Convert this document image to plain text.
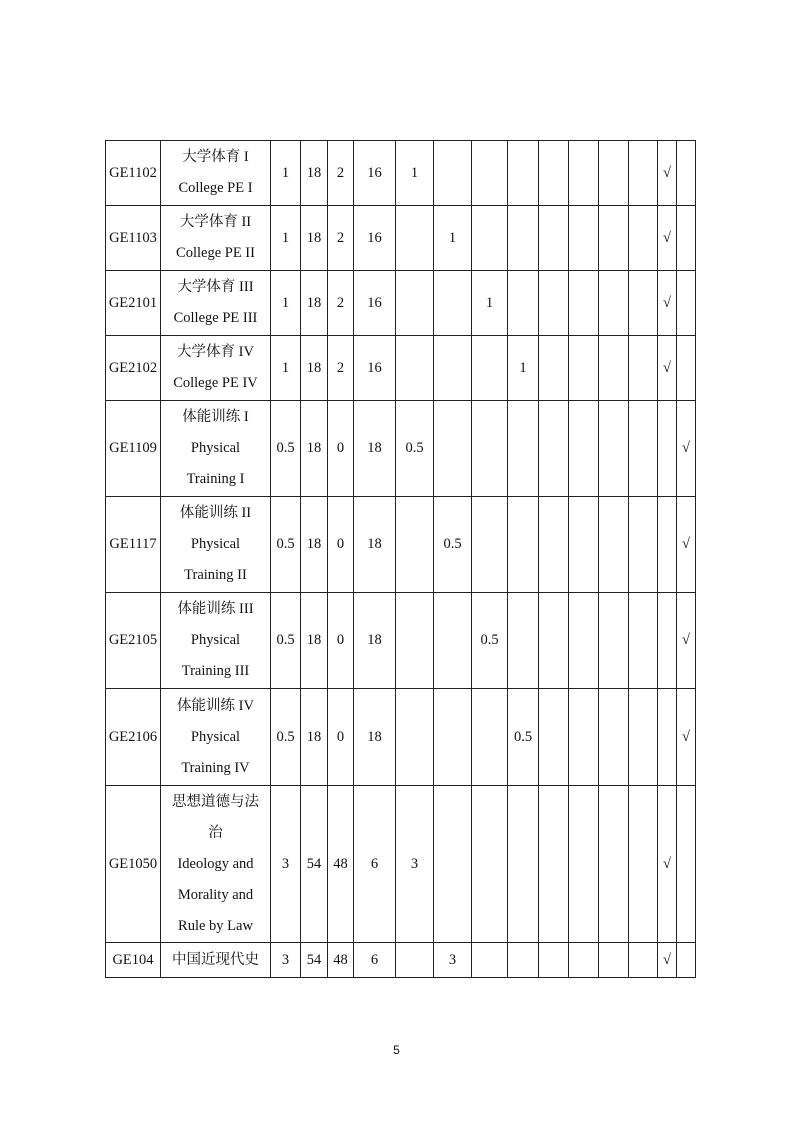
GE1102	大学体育 I
College PE I	1	18	2	16	1								√	
GE1103	大学体育 II
College PE II	1	18	2	16		1							√	
GE2101	大学体育 III
College PE III	1	18	2	16			1						√	
GE2102	大学体育 IV
College PE IV	1	18	2	16				1					√	
GE1109	体能训练 I
Physical
Training I	0.5	18	0	18	0.5									√
GE1117	体能训练 II
Physical
Training II	0.5	18	0	18		0.5								√
GE2105	体能训练 III
Physical
Training III	0.5	18	0	18			0.5							√
GE2106	体能训练 IV
Physical
Training IV	0.5	18	0	18				0.5						√
GE1050	思想道德与法
治
Ideology and
Morality and
Rule by Law	3	54	48	6	3								√	
GE104	中国近现代史	3	54	48	6		3							√	
5
